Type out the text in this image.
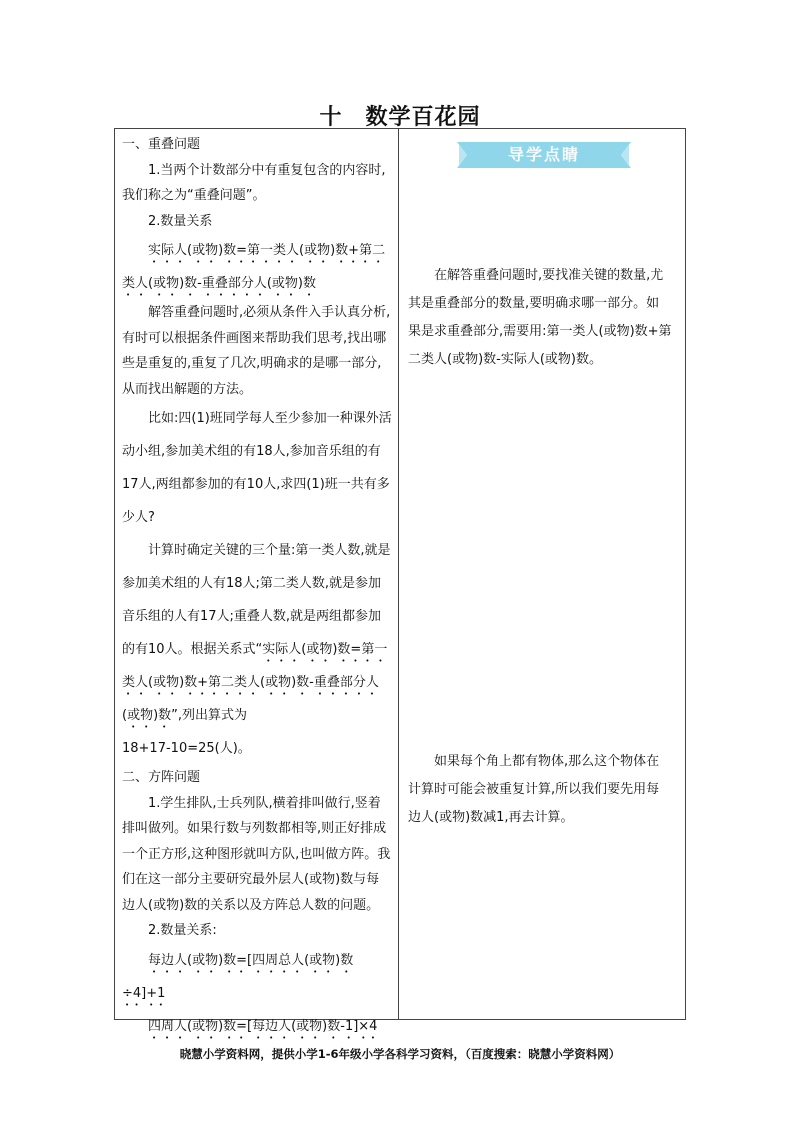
十　数学百花园

一、重叠问题

1.当两个计数部分中有重复包含的内容时,我们称之为“重叠问题”。

2.数量关系

实际人(或物)数=第一类人(或物)数+第二类人(或物)数-重叠部分人(或物)数

解答重叠问题时,必须从条件入手认真分析,有时可以根据条件画图来帮助我们思考,找出哪些是重复的,重复了几次,明确求的是哪一部分,从而找出解题的方法。

比如:四(1)班同学每人至少参加一种课外活动小组,参加美术组的有18人,参加音乐组的有17人,两组都参加的有10人,求四(1)班一共有多少人?

计算时确定关键的三个量:第一类人数,就是参加美术组的人有18人;第二类人数,就是参加音乐组的人有17人;重叠人数,就是两组都参加的有10人。根据关系式“实际人(或物)数=第一类人(或物)数+第二类人(或物)数-重叠部分人(或物)数”,列出算式为

18+17-10=25(人)。

二、方阵问题

1.学生排队,士兵列队,横着排叫做行,竖着排叫做列。如果行数与列数都相等,则正好排成一个正方形,这种图形就叫方队,也叫做方阵。我们在这一部分主要研究最外层人(或物)数与每边人(或物)数的关系以及方阵总人数的问题。

2.数量关系:

每边人(或物)数=[四周总人(或物)数÷4]+1

四周人(或物)数=[每边人(或物)数-1]×4

导学点睛

在解答重叠问题时,要找准关键的数量,尤其是重叠部分的数量,要明确求哪一部分。如果是求重叠部分,需要用:第一类人(或物)数+第二类人(或物)数-实际人(或物)数。

如果每个角上都有物体,那么这个物体在计算时可能会被重复计算,所以我们要先用每边人(或物)数减1,再去计算。

晓慧小学资料网，提供小学1-6年级小学各科学习资料，（百度搜索：晓慧小学资料网）
